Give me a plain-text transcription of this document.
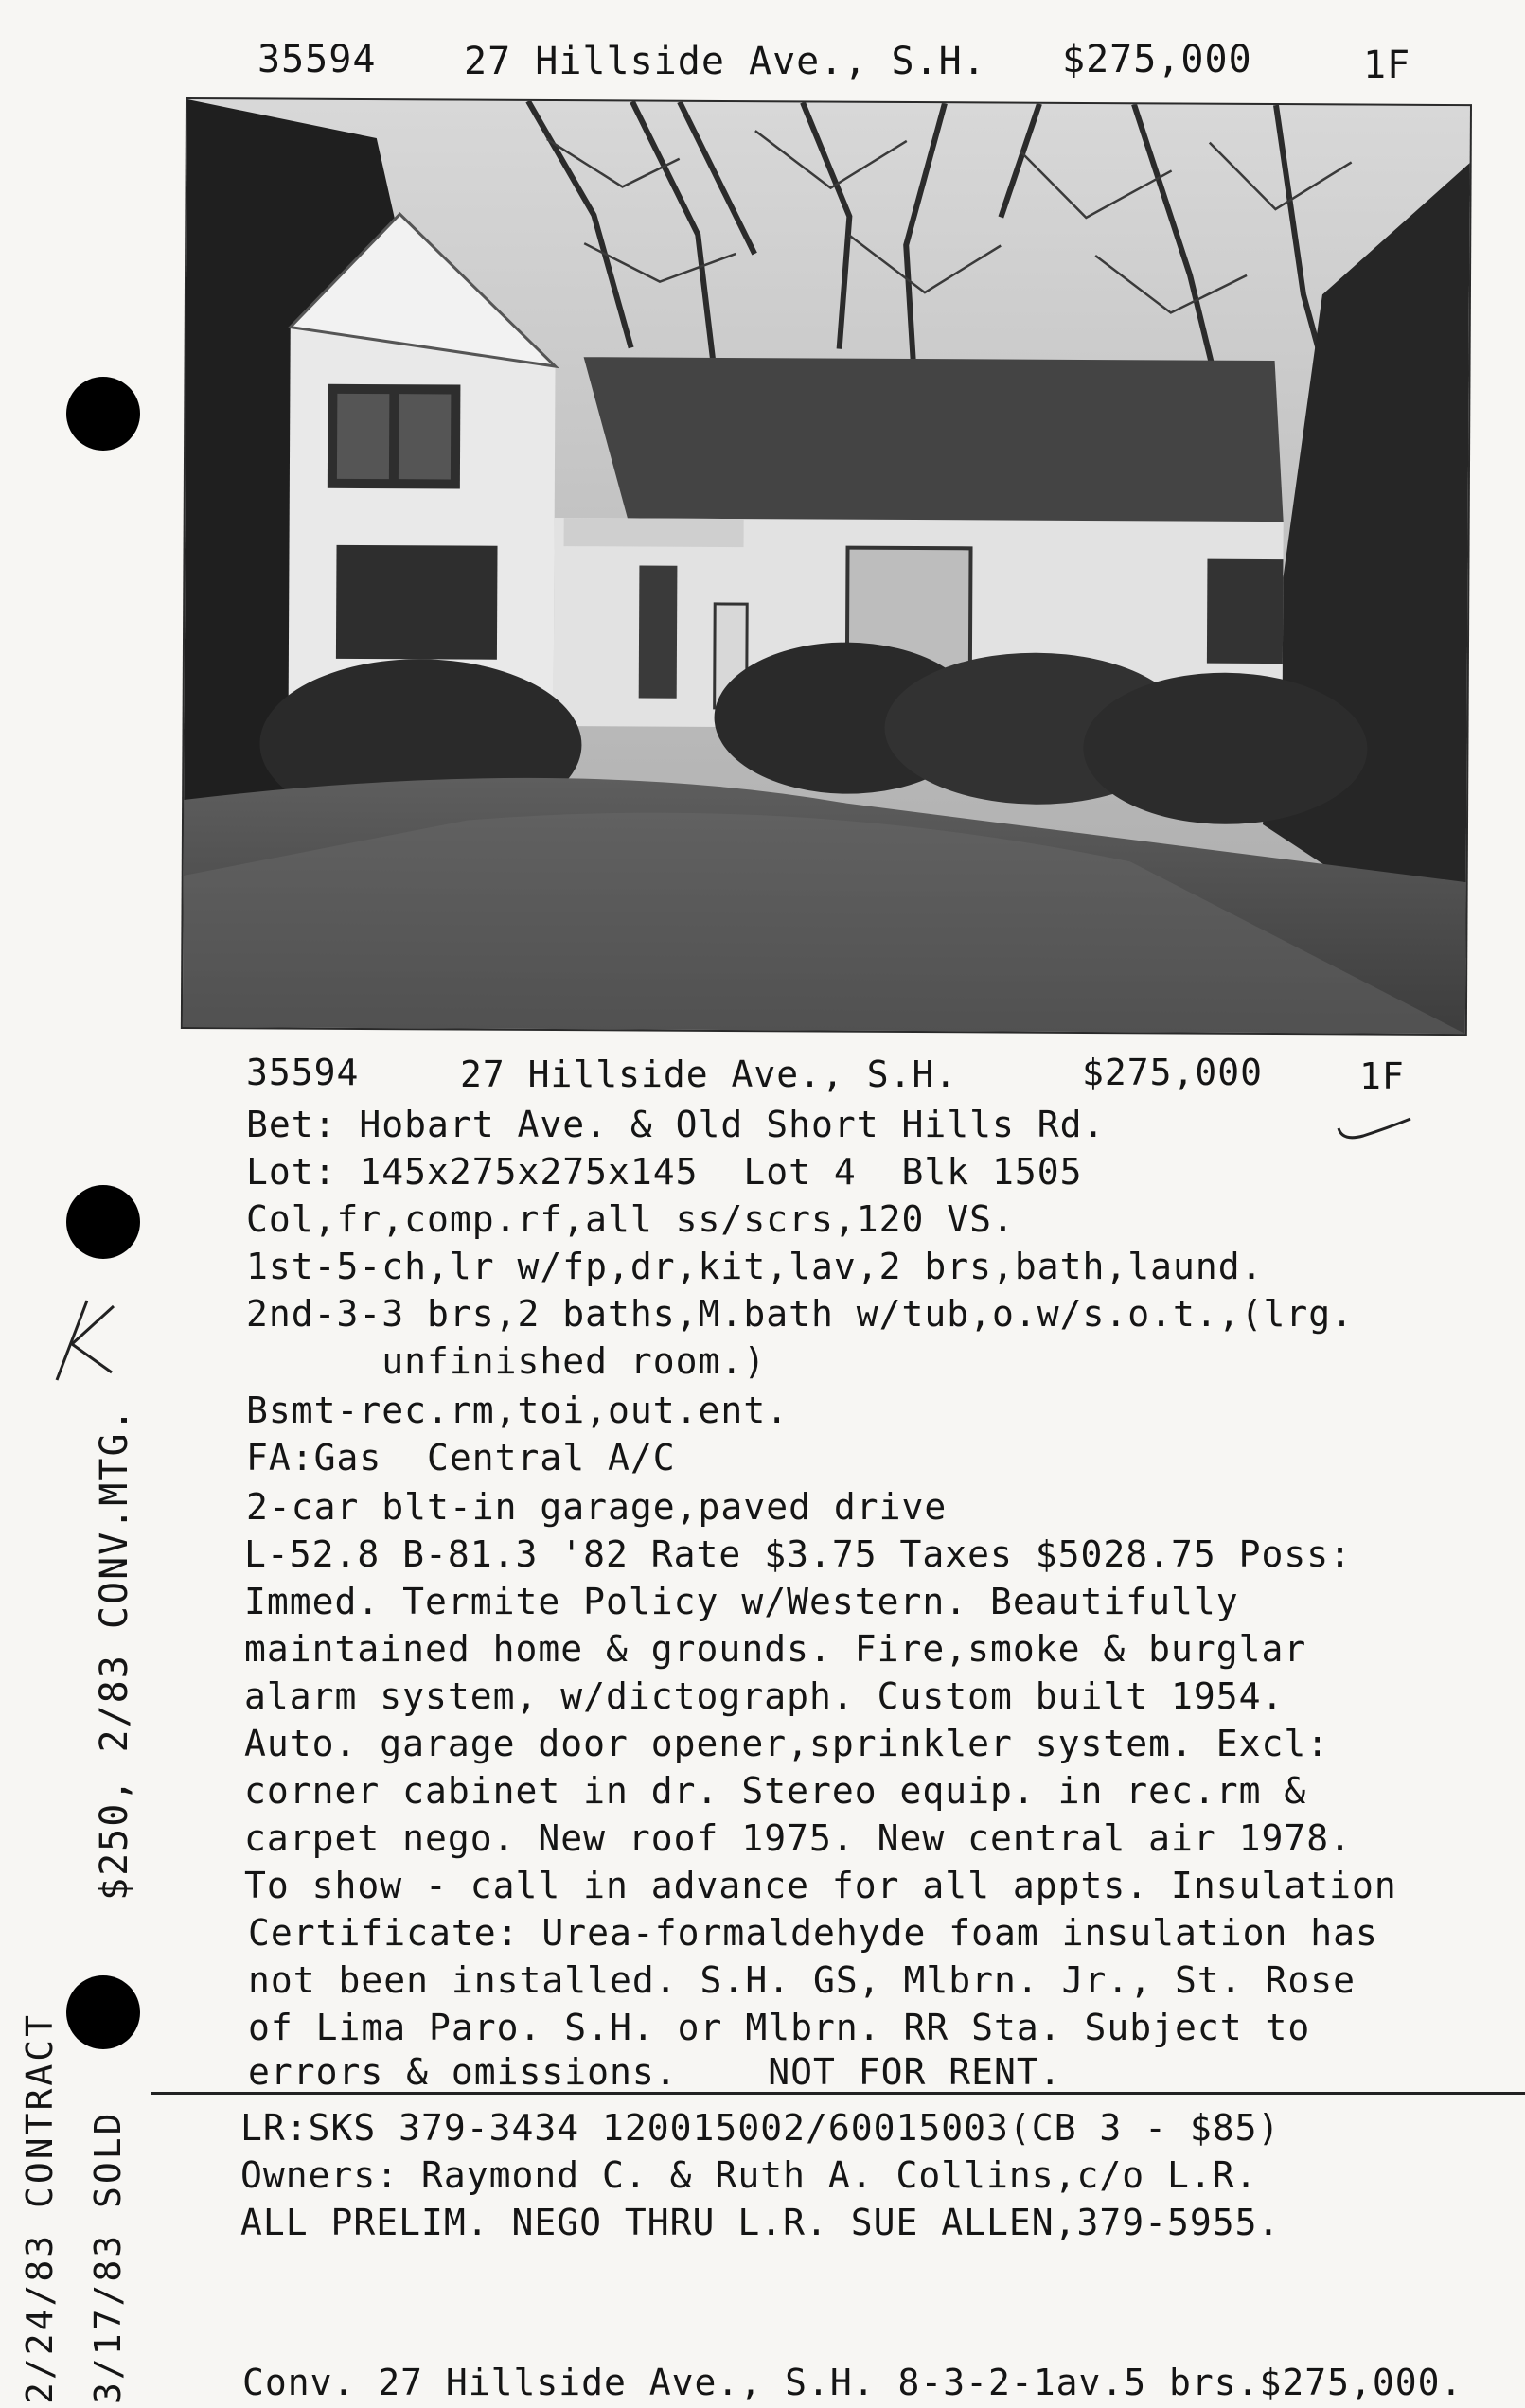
35594 27 Hillside Ave., S.H. $275,000	1F
35594	27 Hillside Ave., S.H.	$275,000	1F
Bet: Hobart Ave. & Old Short Hills Rd.
Lot: 145x275x275x145  Lot 4  Blk 1505
Col,fr,comp.rf,all ss/scrs,120 VS.
1st-5-ch,lr w/fp,dr,kit,lav,2 brs,bath,laund.
2nd-3-3 brs,2 baths,M.bath w/tub,o.w/s.o.t.,(lrg.
unfinished room.)
Bsmt-rec.rm,toi,out.ent.
FA:Gas  Central A/C
2-car blt-in garage,paved drive
L-52.8 B-81.3 '82 Rate $3.75 Taxes $5028.75 Poss:
Immed. Termite Policy w/Western. Beautifully
maintained home & grounds. Fire,smoke & burglar
alarm system, w/dictograph. Custom built 1954.
Auto. garage door opener,sprinkler system. Excl:
corner cabinet in dr. Stereo equip. in rec.rm &
carpet nego. New roof 1975. New central air 1978.
To show - call in advance for all appts. Insulation
Certificate: Urea-formaldehyde foam insulation has
not been installed. S.H. GS, Mlbrn. Jr., St. Rose
of Lima Paro. S.H. or Mlbrn. RR Sta. Subject to
errors & omissions.    NOT FOR RENT.
LR:SKS 379-3434 120015002/60015003(CB 3 - $85)
Owners: Raymond C. & Ruth A. Collins,c/o L.R.
ALL PRELIM. NEGO THRU L.R. SUE ALLEN,379-5955.
$250, 2/83 CONV.MTG.
2/24/83 CONTRACT 3/17/83 SOLD	Conv. 27 Hillside Ave., S.H. 8-3-2-1av.5 brs.$275,000.
